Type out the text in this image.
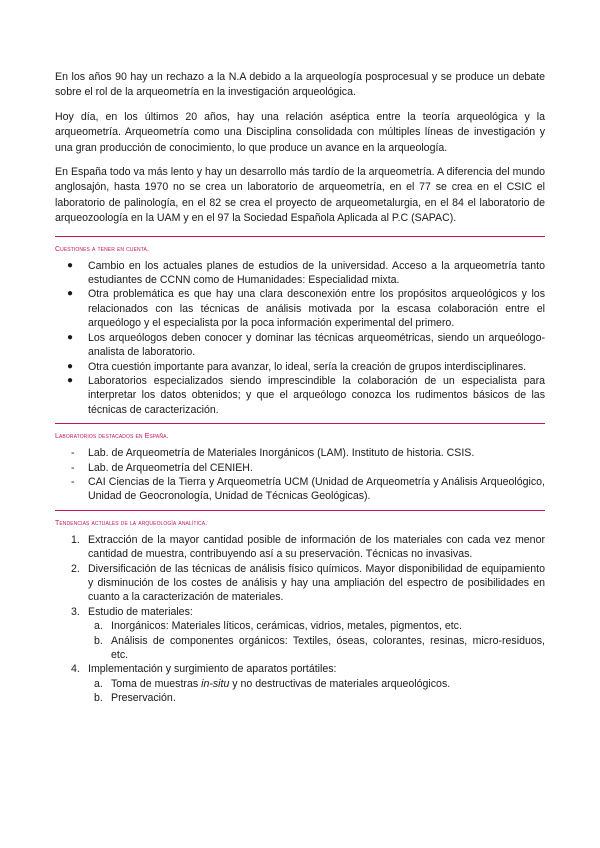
En los años 90 hay un rechazo a la N.A debido a la arqueología posprocesual y se produce un debate sobre el rol de la arqueometría en la investigación arqueológica.

Hoy día, en los últimos 20 años, hay una relación aséptica entre la teoría arqueológica y la arqueometría. Arqueometría como una Disciplina consolidada con múltiples líneas de investigación y una gran producción de conocimiento, lo que produce un avance en la arqueología.

En España todo va más lento y hay un desarrollo más tardío de la arqueometría. A diferencia del mundo anglosajón, hasta 1970 no se crea un laboratorio de arqueometría, en el 77 se crea en el CSIC el laboratorio de palinología, en el 82 se crea el proyecto de arqueometalurgia, en el 84 el laboratorio de arqueozoología en la UAM y en el 97 la Sociedad Española Aplicada al P.C (SAPAC).

Cuestiones a tener en cuenta.
● Cambio en los actuales planes de estudios de la universidad. Acceso a la arqueometría tanto estudiantes de CCNN como de Humanidades: Especialidad mixta.
● Otra problemática es que hay una clara desconexión entre los propósitos arqueológicos y los relacionados con las técnicas de análisis motivada por la escasa colaboración entre el arqueólogo y el especialista por la poca información experimental del primero.
● Los arqueólogos deben conocer y dominar las técnicas arqueométricas, siendo un arqueólogo-analista de laboratorio.
● Otra cuestión importante para avanzar, lo ideal, sería la creación de grupos interdisciplinares.
● Laboratorios especializados siendo imprescindible la colaboración de un especialista para interpretar los datos obtenidos; y que el arqueólogo conozca los rudimentos básicos de las técnicas de caracterización.
Laboratorios destacados en España.
- Lab. de Arqueometría de Materiales Inorgánicos (LAM). Instituto de historia. CSIS.
- Lab. de Arqueometría del CENIEH.
- CAI Ciencias de la Tierra y Arqueometría UCM (Unidad de Arqueometría y Análisis Arqueológico, Unidad de Geocronología, Unidad de Técnicas Geológicas).
Tendencias actuales de la arqueología analítica.
1. Extracción de la mayor cantidad posible de información de los materiales con cada vez menor cantidad de muestra, contribuyendo así a su preservación. Técnicas no invasivas.
2. Diversificación de las técnicas de análisis físico químicos. Mayor disponibilidad de equipamiento y disminución de los costes de análisis y hay una ampliación del espectro de posibilidades en cuanto a la caracterización de materiales.
3. Estudio de materiales:
a. Inorgánicos: Materiales líticos, cerámicas, vidrios, metales, pigmentos, etc.
b. Análisis de componentes orgánicos: Textiles, óseas, colorantes, resinas, micro-residuos, etc.
4. Implementación y surgimiento de aparatos portátiles:
a. Toma de muestras in-situ y no destructivas de materiales arqueológicos.
b. Preservación.
